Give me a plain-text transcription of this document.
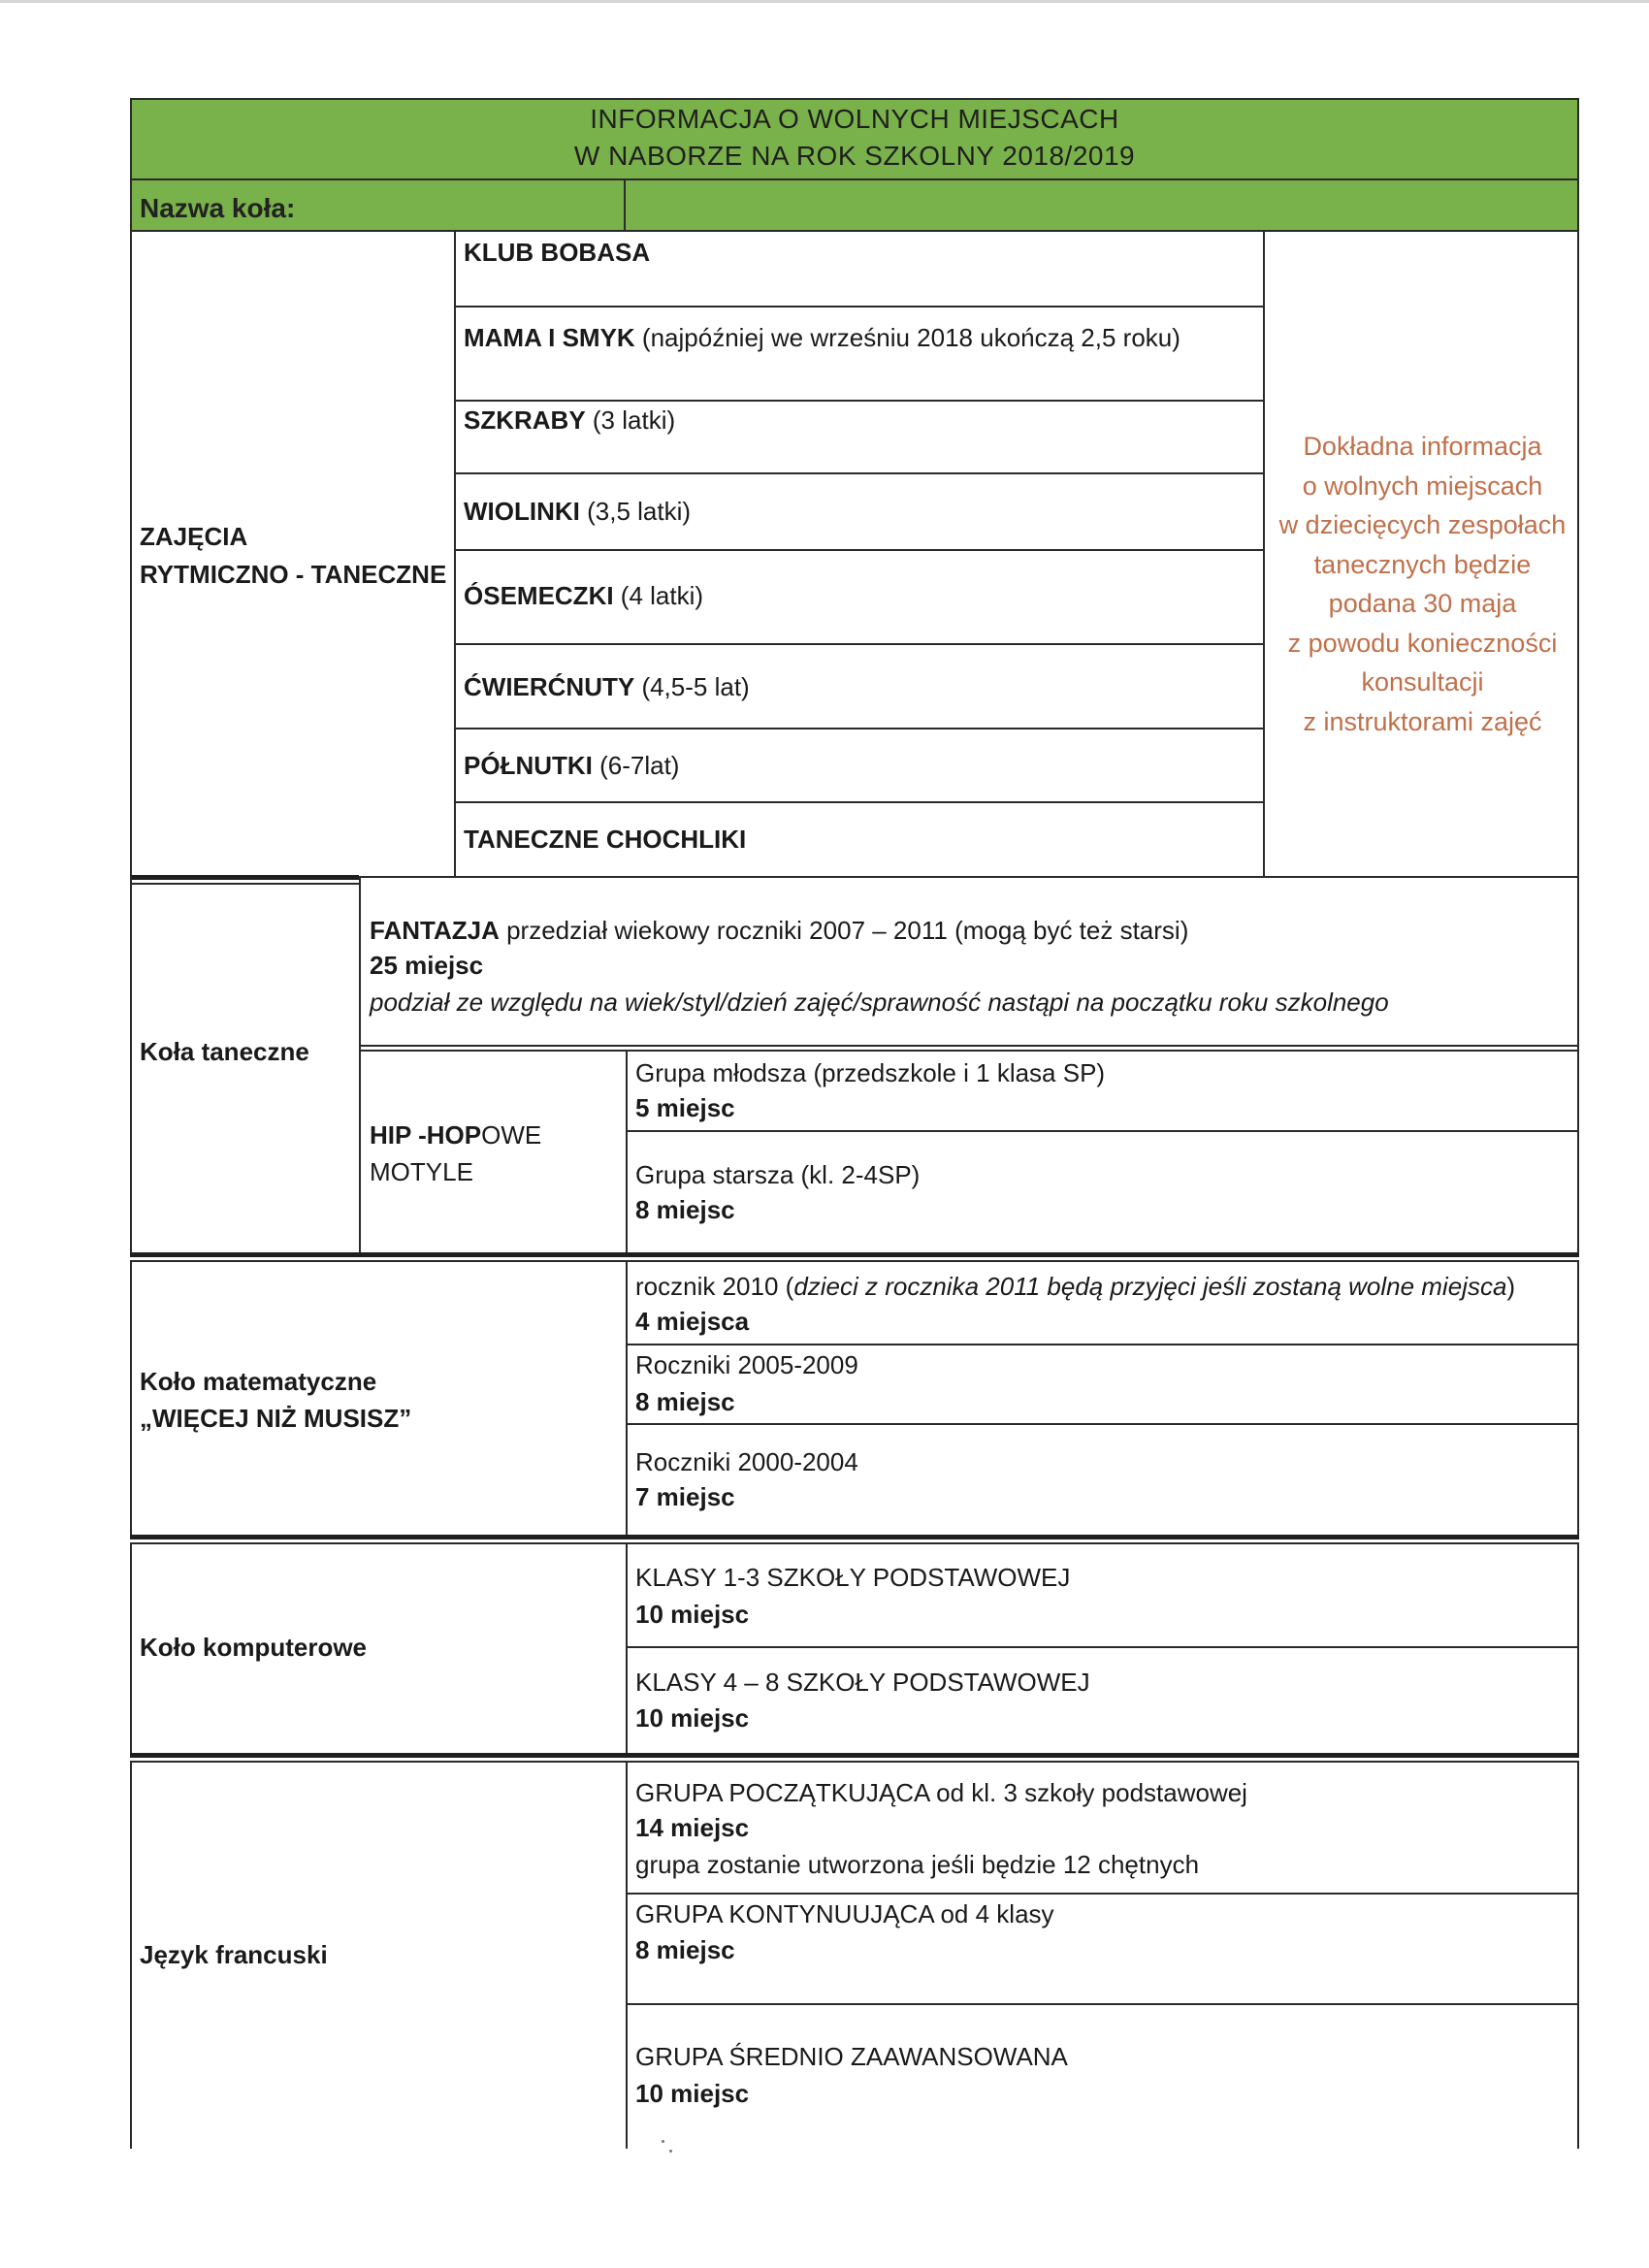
INFORMACJA O WOLNYCH MIEJSCACH
W NABORZE NA ROK SZKOLNY 2018/2019
Nazwa koła:
ZAJĘCIA
RYTMICZNO - TANECZNE
KLUB BOBASA
MAMA I SMYK (najpóźniej we wrześniu 2018 ukończą 2,5 roku)
SZKRABY (3 latki)
WIOLINKI (3,5 latki)
ÓSEMECZKI (4 latki)
ĆWIERĆNUTY (4,5-5 lat)
PÓŁNUTKI (6-7lat)
TANECZNE CHOCHLIKI
Dokładna informacja
o wolnych miejscach
w dziecięcych zespołach
tanecznych będzie
podana 30 maja
z powodu konieczności
konsultacji
z instruktorami zajęć
Koła taneczne
FANTAZJA przedział wiekowy roczniki 2007 – 2011 (mogą być też starsi)
25 miejsc
podział ze względu na wiek/styl/dzień zajęć/sprawność nastąpi na początku roku szkolnego
HIP -HOPOWE
MOTYLE
Grupa młodsza (przedszkole i 1 klasa SP)
5 miejsc
Grupa starsza (kl. 2-4SP)
8 miejsc
Koło matematyczne
„WIĘCEJ NIŻ MUSISZ”
rocznik 2010 (dzieci z rocznika 2011 będą przyjęci jeśli zostaną wolne miejsca)
4 miejsca
Roczniki 2005-2009
8 miejsc
Roczniki 2000-2004
7 miejsc
Koło komputerowe
KLASY 1-3 SZKOŁY PODSTAWOWEJ
10 miejsc
KLASY 4 – 8 SZKOŁY PODSTAWOWEJ
10 miejsc
Język francuski
GRUPA POCZĄTKUJĄCA od kl. 3 szkoły podstawowej
14 miejsc
grupa zostanie utworzona jeśli będzie 12 chętnych
GRUPA KONTYNUUJĄCA od 4 klasy
8 miejsc
GRUPA ŚREDNIO ZAAWANSOWANA
10 miejsc
